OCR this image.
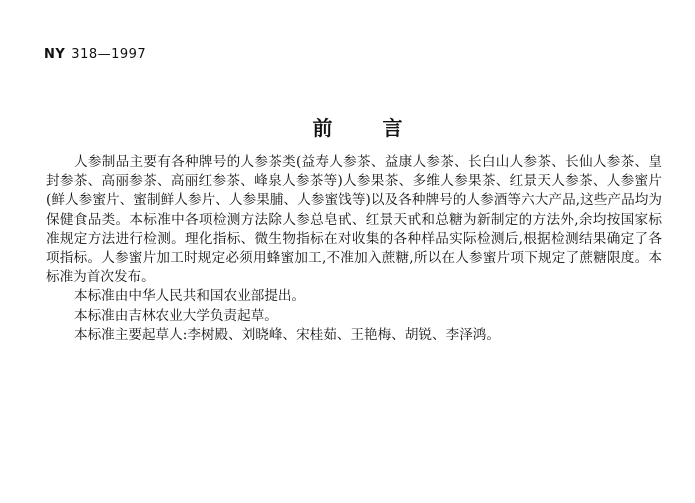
NY 318—1997
前言

人参制品主要有各种牌号的人参茶类(益寿人参茶、益康人参茶、长白山人参茶、长仙人参茶、皇封参茶、高丽参茶、高丽红参茶、峰泉人参茶等)人参果茶、多维人参果茶、红景天人参茶、人参蜜片(鲜人参蜜片、蜜制鲜人参片、人参果脯、人参蜜饯等)以及各种牌号的人参酒等六大产品,这些产品均为保健食品类。本标准中各项检测方法除人参总皂甙、红景天甙和总糖为新制定的方法外,余均按国家标准规定方法进行检测。理化指标、微生物指标在对收集的各种样品实际检测后,根据检测结果确定了各项指标。人参蜜片加工时规定必须用蜂蜜加工,不准加入蔗糖,所以在人参蜜片项下规定了蔗糖限度。本标准为首次发布。

本标准由中华人民共和国农业部提出。

本标准由吉林农业大学负责起草。

本标准主要起草人:李树殿、刘晓峰、宋桂茹、王艳梅、胡锐、李泽鸿。
